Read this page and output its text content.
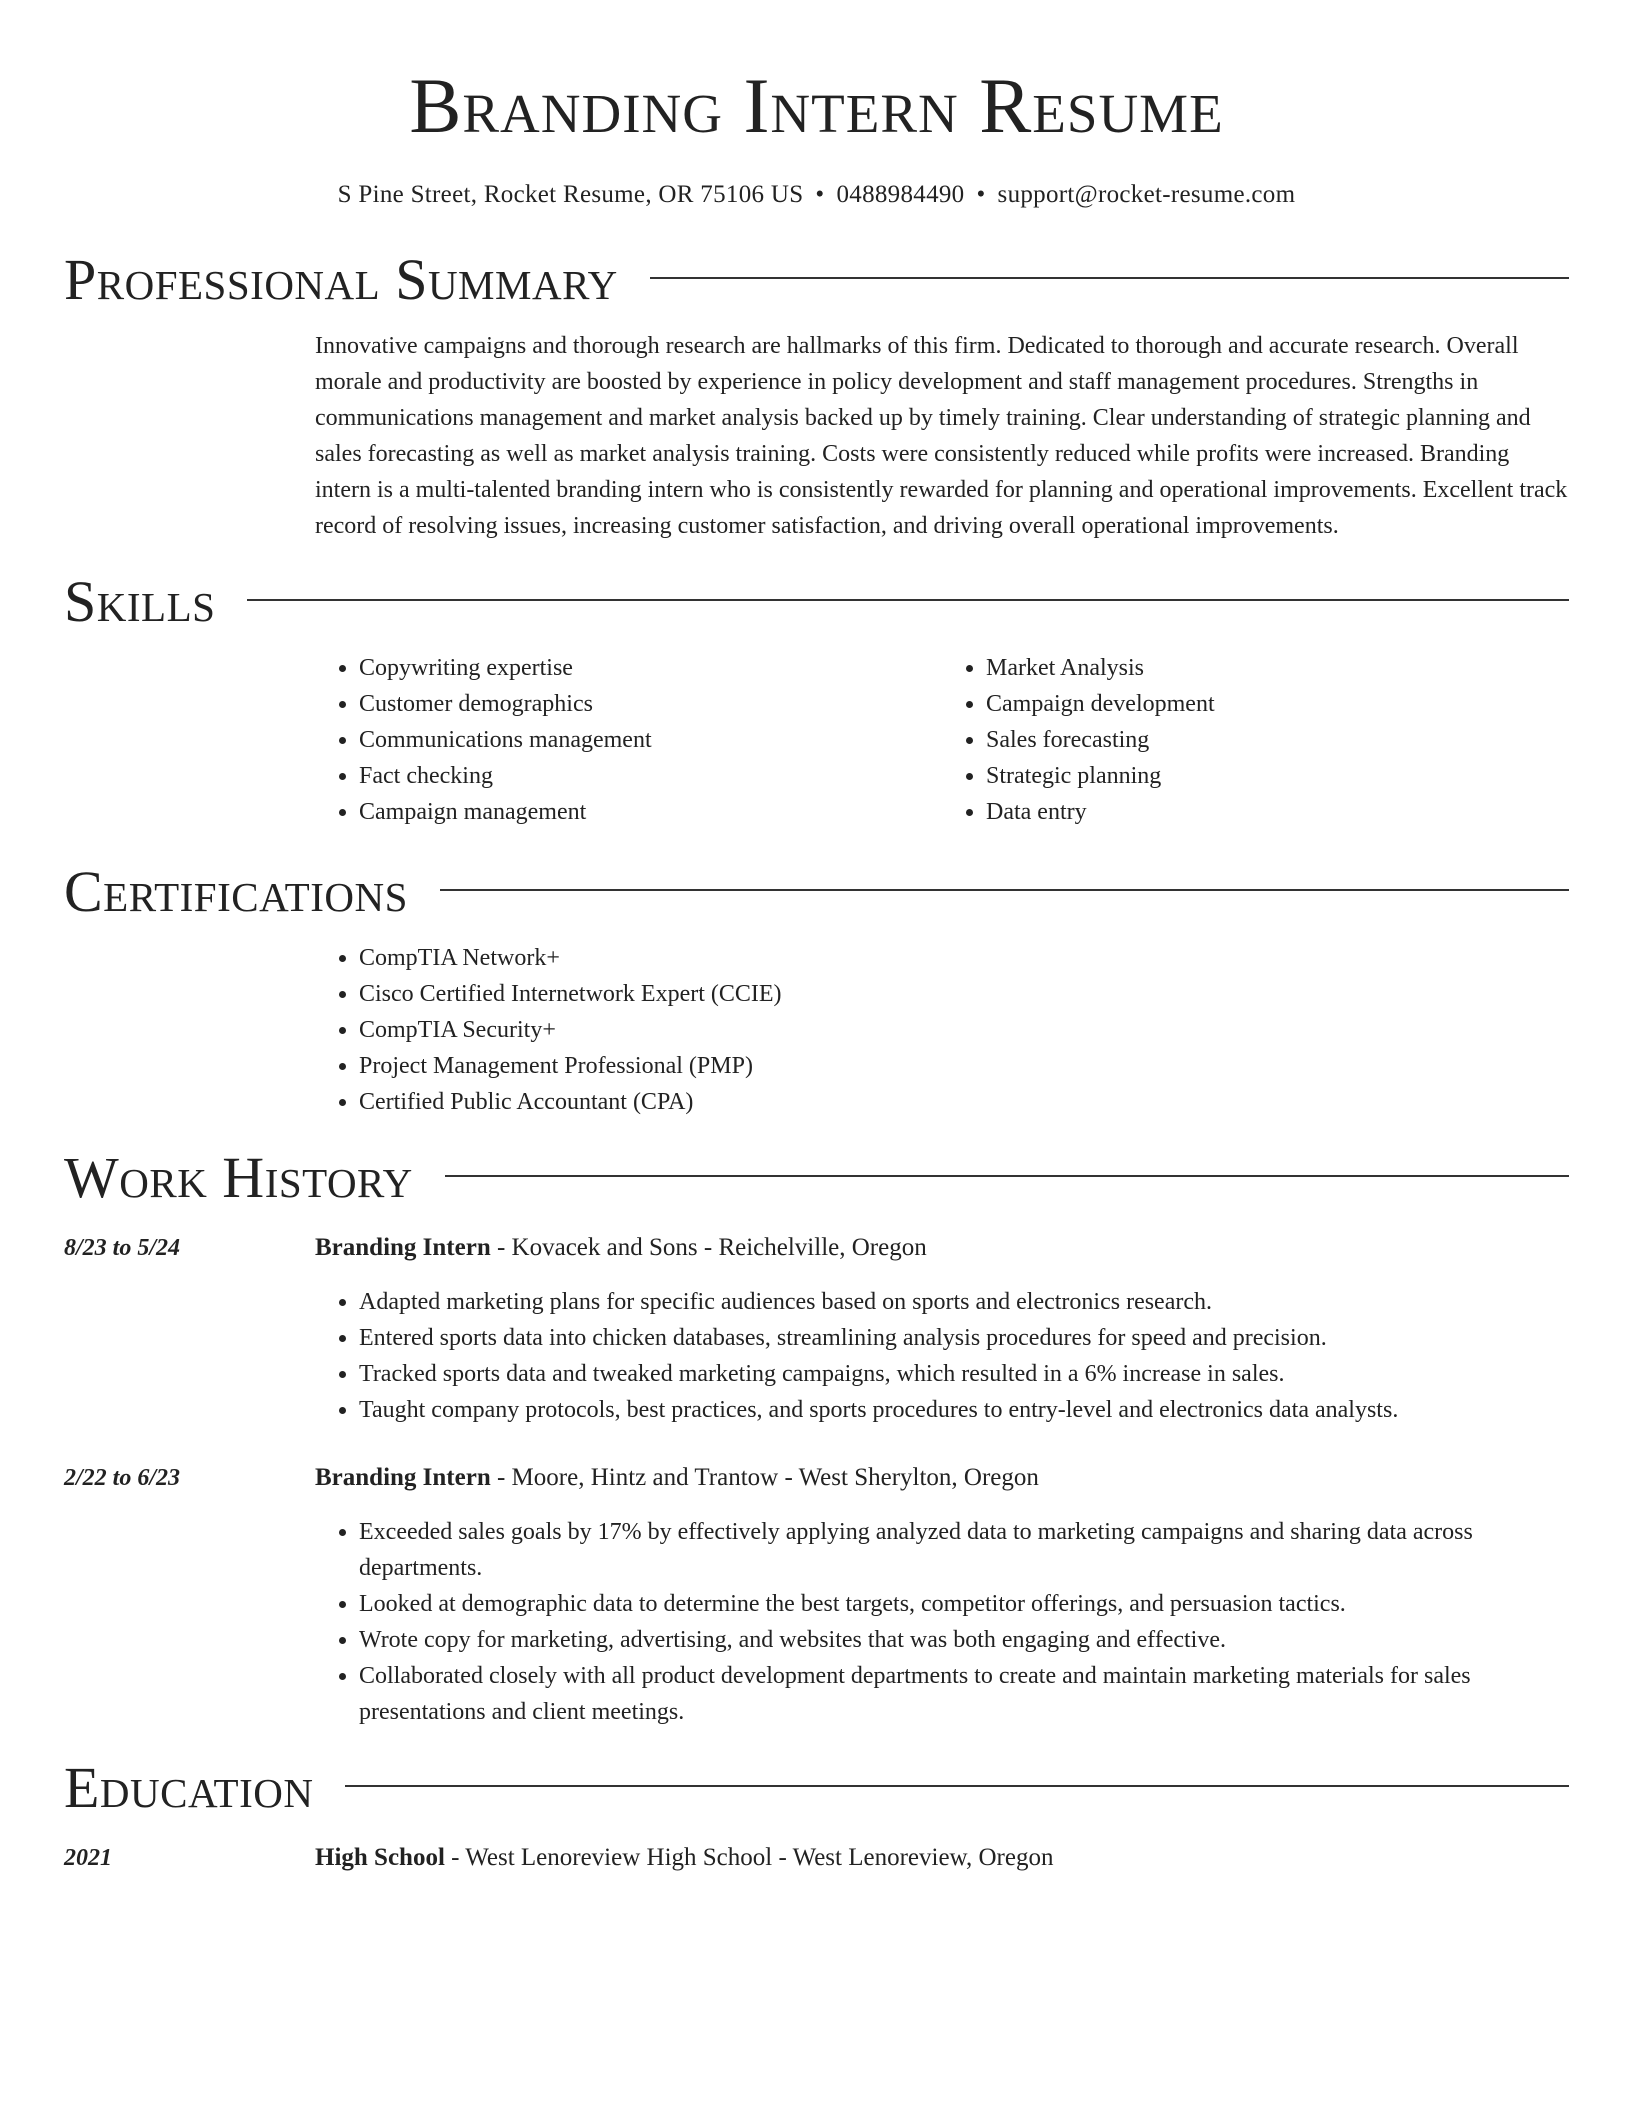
Branding Intern Resume
S Pine Street, Rocket Resume, OR 75106 US • 0488984490 • support@rocket-resume.com
Professional Summary

Innovative campaigns and thorough research are hallmarks of this firm. Dedicated to thorough and accurate research. Overall morale and productivity are boosted by experience in policy development and staff management procedures. Strengths in communications management and market analysis backed up by timely training. Clear understanding of strategic planning and sales forecasting as well as market analysis training. Costs were consistently reduced while profits were increased. Branding intern is a multi-talented branding intern who is consistently rewarded for planning and operational improvements. Excellent track record of resolving issues, increasing customer satisfaction, and driving overall operational improvements.

Skills
• Copywriting expertise
• Customer demographics
• Communications management
• Fact checking
• Campaign management
• Market Analysis
• Campaign development
• Sales forecasting
• Strategic planning
• Data entry
Certifications
• CompTIA Network+
• Cisco Certified Internetwork Expert (CCIE)
• CompTIA Security+
• Project Management Professional (PMP)
• Certified Public Accountant (CPA)
Work History
8/23 to 5/24	Branding Intern - Kovacek and Sons - Reichelville, Oregon
• Adapted marketing plans for specific audiences based on sports and electronics research.
• Entered sports data into chicken databases, streamlining analysis procedures for speed and precision.
• Tracked sports data and tweaked marketing campaigns, which resulted in a 6% increase in sales.
• Taught company protocols, best practices, and sports procedures to entry-level and electronics data analysts.
2/22 to 6/23	Branding Intern - Moore, Hintz and Trantow - West Sherylton, Oregon
• Exceeded sales goals by 17% by effectively applying analyzed data to marketing campaigns and sharing data across departments.
• Looked at demographic data to determine the best targets, competitor offerings, and persuasion tactics.
• Wrote copy for marketing, advertising, and websites that was both engaging and effective.
• Collaborated closely with all product development departments to create and maintain marketing materials for sales presentations and client meetings.
Education
2021	High School - West Lenoreview High School - West Lenoreview, Oregon
